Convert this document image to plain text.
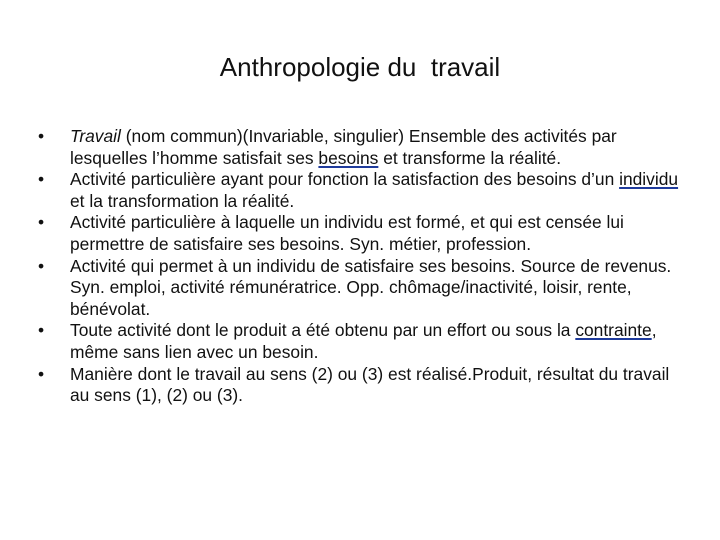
Anthropologie du  travail
•	Travail (nom commun)(Invariable, singulier) Ensemble des activités par lesquelles l’homme satisfait ses besoins et transforme la réalité.
•	Activité particulière ayant pour fonction la satisfaction des besoins d’un individu et la transformation la réalité.
•	Activité particulière à laquelle un individu est formé, et qui est censée lui permettre de satisfaire ses besoins. Syn. métier, profession.
•	Activité qui permet à un individu de satisfaire ses besoins. Source de revenus. Syn. emploi, activité rémunératrice. Opp. chômage/inactivité, loisir, rente, bénévolat.
•	Toute activité dont le produit a été obtenu par un effort ou sous la contrainte, même sans lien avec un besoin.
•	Manière dont le travail au sens (2) ou (3) est réalisé.Produit, résultat du travail au sens (1), (2) ou (3).
